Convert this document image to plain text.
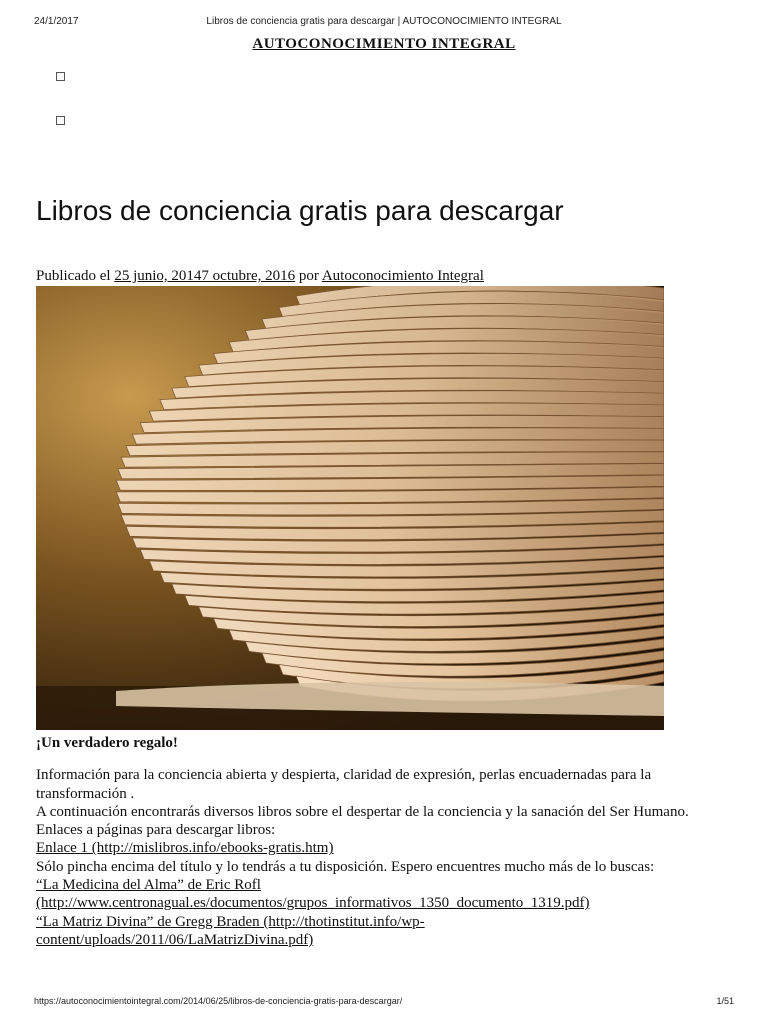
24/1/2017	Libros de conciencia gratis para descargar | AUTOCONOCIMIENTO INTEGRAL
AUTOCONOCIMIENTO INTEGRAL
Libros de conciencia gratis para descargar
Publicado el 25 junio, 20147 octubre, 2016 por Autoconocimiento Integral

¡Un verdadero regalo!

Información para la conciencia abierta y despierta, claridad de expresión, perlas encuadernadas para la transformación .

A continuación encontrarás diversos libros sobre el despertar de la conciencia y la sanación del Ser Humano.

Enlaces a páginas para descargar libros:

Enlace 1 (http://mislibros.info/ebooks-gratis.htm)

Sólo pincha encima del título y lo tendrás a tu disposición. Espero encuentres mucho más de lo buscas:

“La Medicina del Alma” de Eric Rofl

(http://www.centronagual.es/documentos/grupos_informativos_1350_documento_1319.pdf)

“La Matriz Divina” de Gregg Braden (http://thotinstitut.info/wp-

content/uploads/2011/06/LaMatrizDivina.pdf)

https://autoconocimientointegral.com/2014/06/25/libros-de-conciencia-gratis-para-descargar/	1/51
